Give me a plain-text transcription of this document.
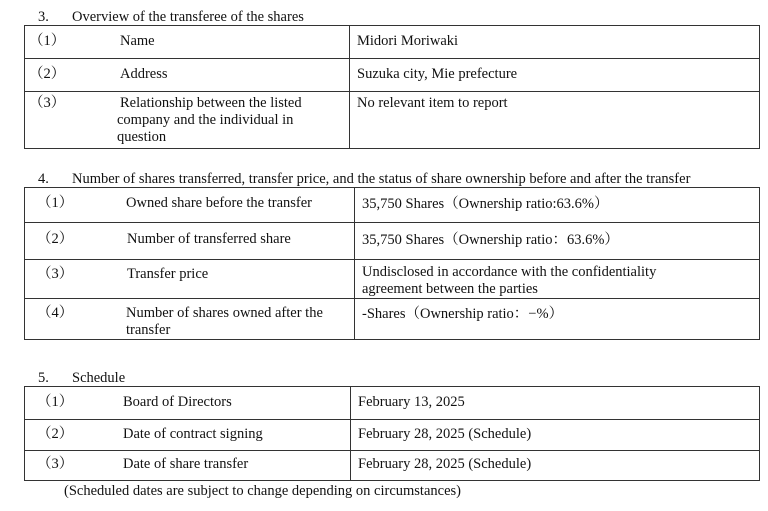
3. Overview of the transferee of the shares
（1） Name	Midori Moriwaki

（2） Address	Suzuka city, Mie prefecture

（3） Relationship between the listed
company and the individual in
question	No relevant item to report
4. Number of shares transferred, transfer price, and the status of share ownership before and after the transfer
（1） Owned share before the transfer	35,750 Shares（Ownership ratio:63.6%）

（2） Number of transferred share	35,750 Shares（Ownership ratio：63.6%）

（3） Transfer price	Undisclosed in accordance with the confidentiality
agreement between the parties

（4） Number of shares owned after the
transfer	-Shares（Ownership ratio：−%）
5. Schedule
（1） Board of Directors	February 13, 2025

（2） Date of contract signing	February 28, 2025 (Schedule)

（3） Date of share transfer	February 28, 2025 (Schedule)
(Scheduled dates are subject to change depending on circumstances)
